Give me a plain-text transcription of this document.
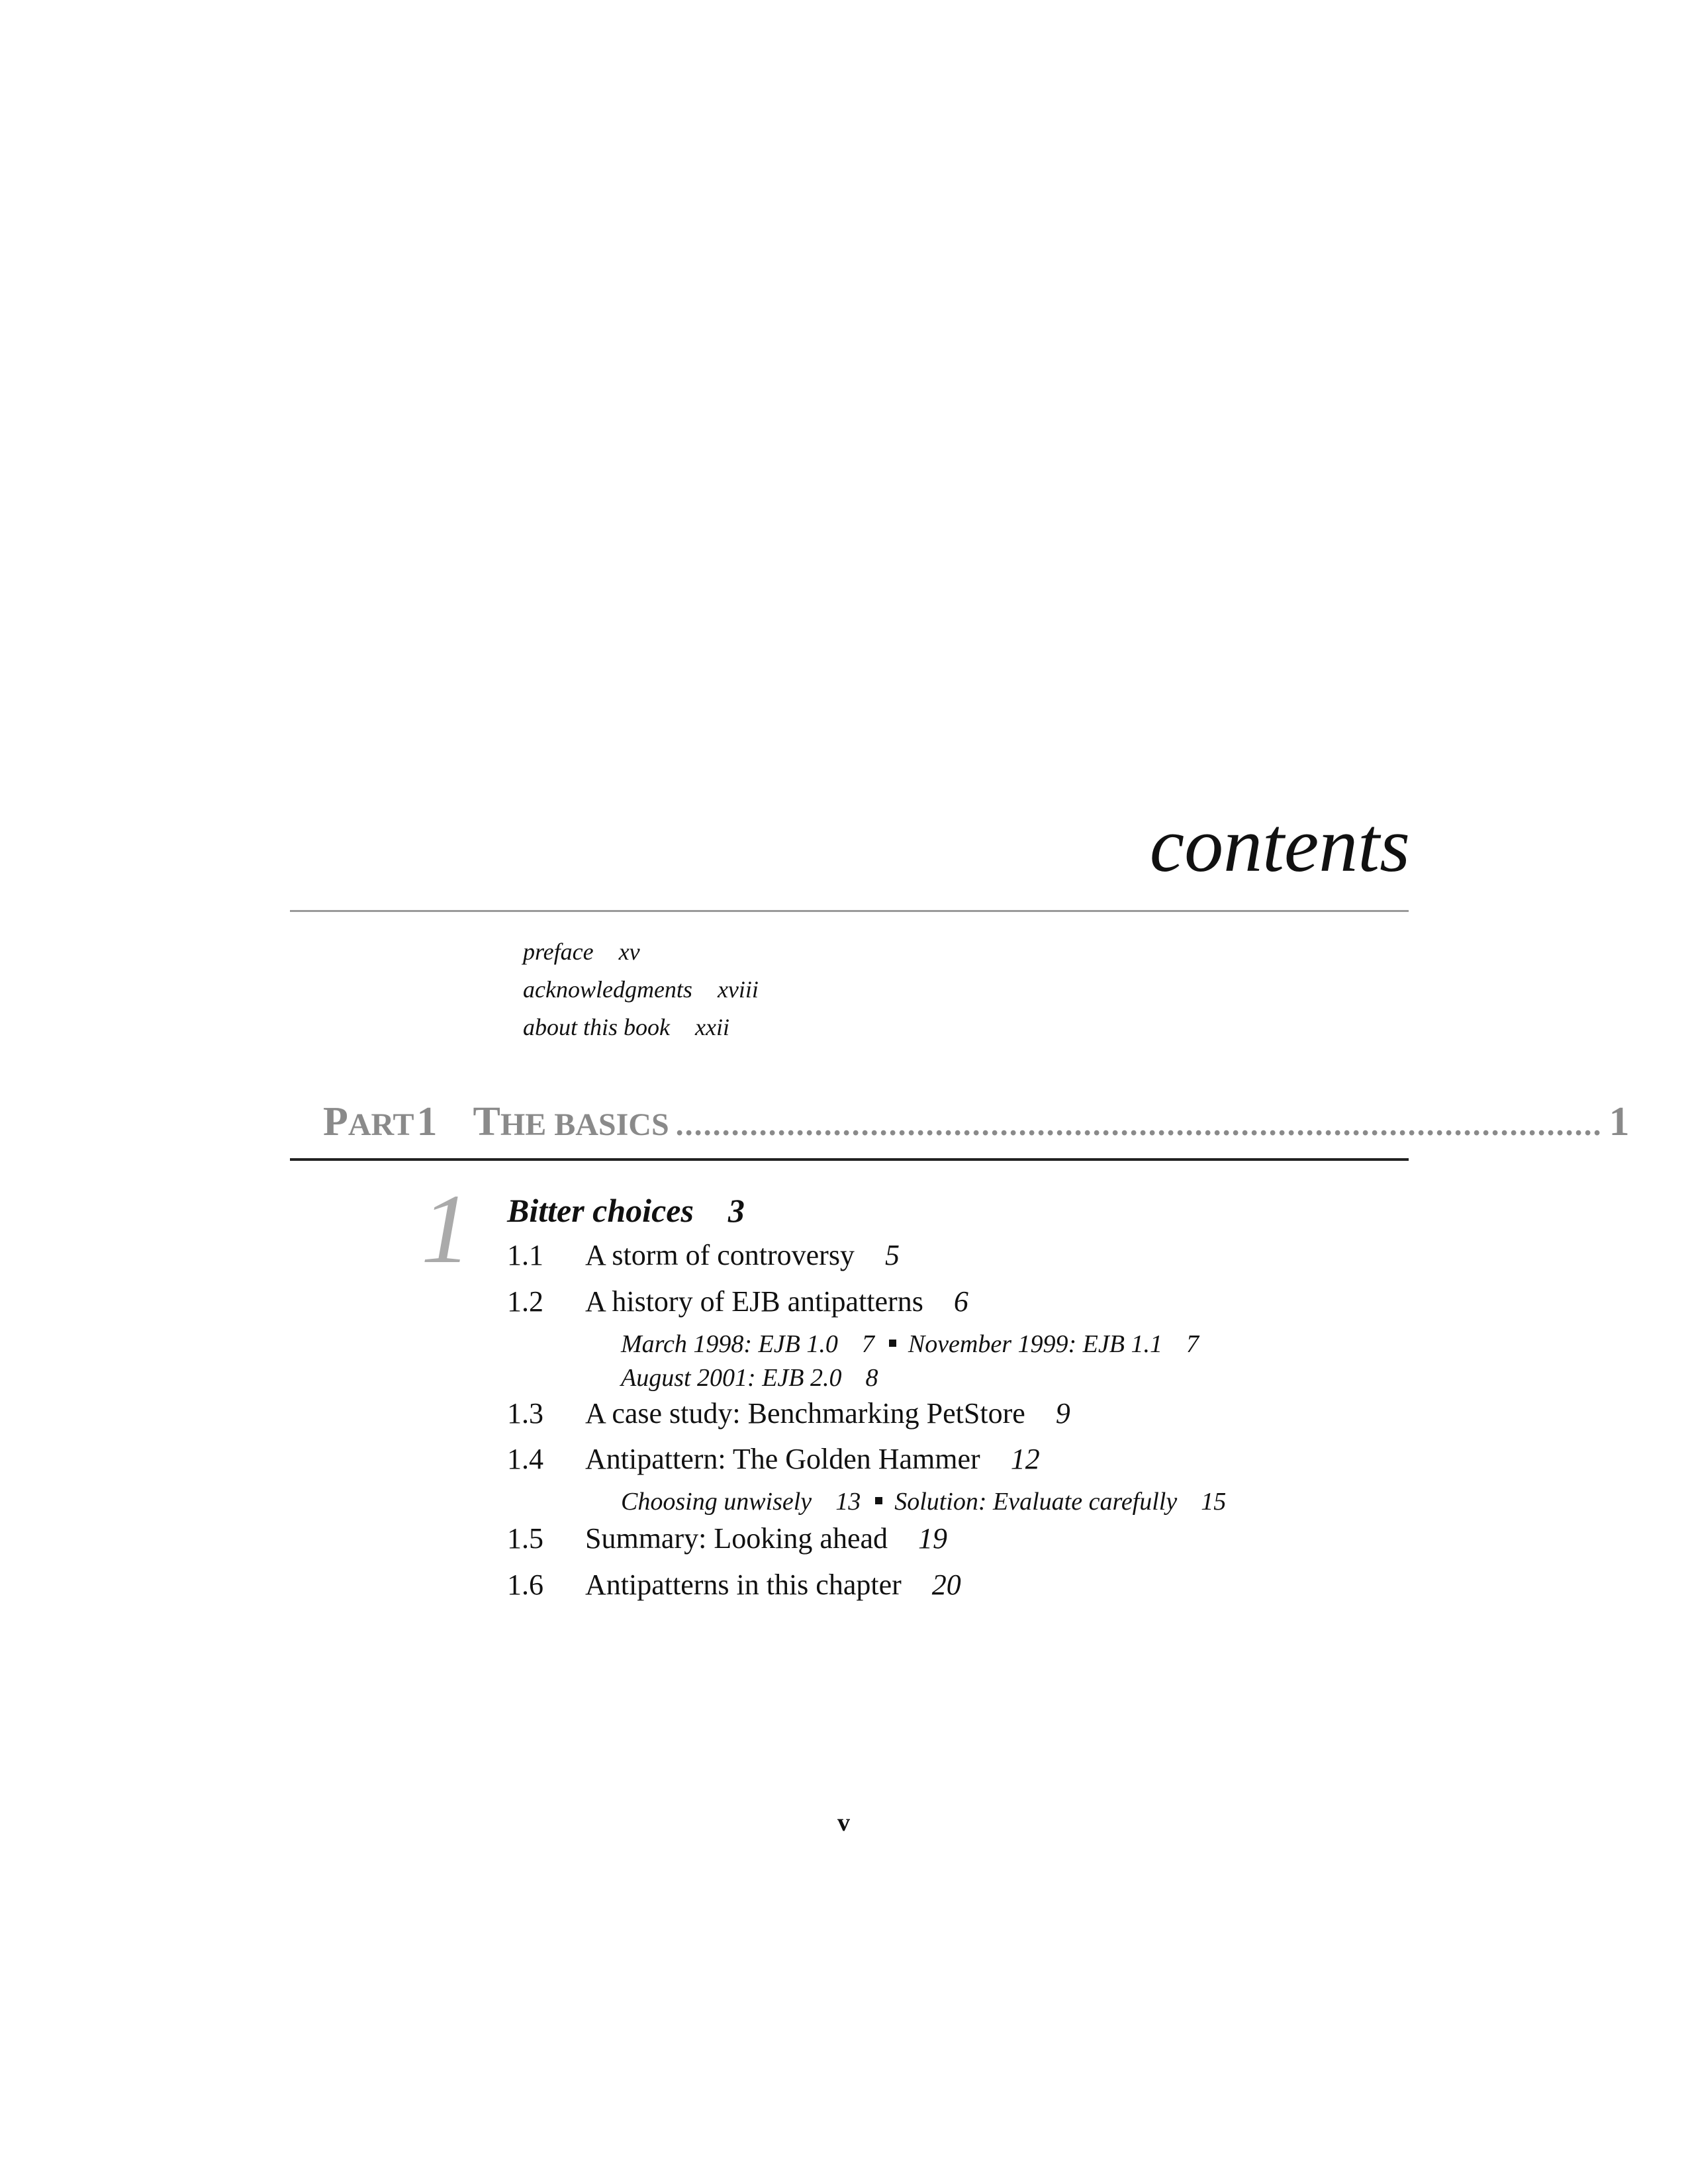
contents
preface xv
acknowledgments xviii
about this book xxii
PART 1 THE BASICS .................................................................................................... 1
1 Bitter choices 3
1.1 A storm of controversy 5
1.2 A history of EJB antipatterns 6
March 1998: EJB 1.0 7 November 1999: EJB 1.1 7
August 2001: EJB 2.0 8
1.3 A case study: Benchmarking PetStore 9
1.4 Antipattern: The Golden Hammer 12
Choosing unwisely 13 Solution: Evaluate carefully 15
1.5 Summary: Looking ahead 19
1.6 Antipatterns in this chapter 20
v
